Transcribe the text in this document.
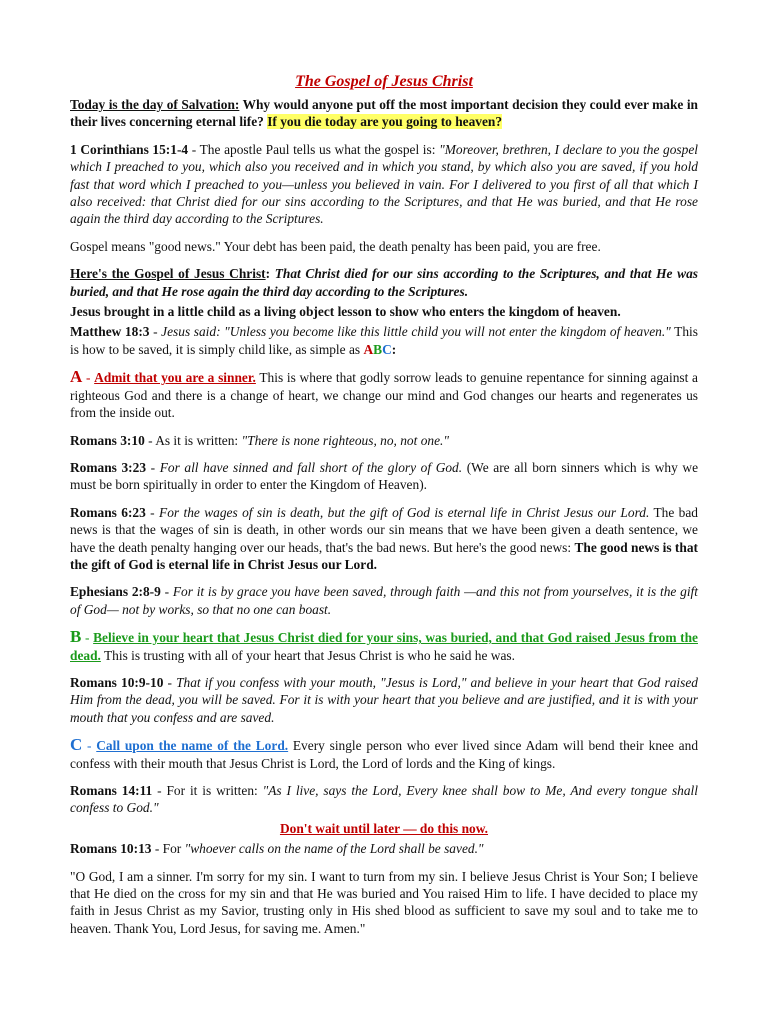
The Gospel of Jesus Christ

Today is the day of Salvation: Why would anyone put off the most important decision they could ever make in their lives concerning eternal life? If you die today are you going to heaven?

1 Corinthians 15:1-4 - The apostle Paul tells us what the gospel is: "Moreover, brethren, I declare to you the gospel which I preached to you, which also you received and in which you stand, by which also you are saved, if you hold fast that word which I preached to you—unless you believed in vain. For I delivered to you first of all that which I also received: that Christ died for our sins according to the Scriptures, and that He was buried, and that He rose again the third day according to the Scriptures.

Gospel means "good news." Your debt has been paid, the death penalty has been paid, you are free.

Here's the Gospel of Jesus Christ: That Christ died for our sins according to the Scriptures, and that He was buried, and that He rose again the third day according to the Scriptures.

Jesus brought in a little child as a living object lesson to show who enters the kingdom of heaven.

Matthew 18:3 - Jesus said: "Unless you become like this little child you will not enter the kingdom of heaven." This is how to be saved, it is simply child like, as simple as ABC:

A - Admit that you are a sinner. This is where that godly sorrow leads to genuine repentance for sinning against a righteous God and there is a change of heart, we change our mind and God changes our hearts and regenerates us from the inside out.

Romans 3:10 - As it is written: "There is none righteous, no, not one."

Romans 3:23 - For all have sinned and fall short of the glory of God. (We are all born sinners which is why we must be born spiritually in order to enter the Kingdom of Heaven).

Romans 6:23 - For the wages of sin is death, but the gift of God is eternal life in Christ Jesus our Lord. The bad news is that the wages of sin is death, in other words our sin means that we have been given a death sentence, we have the death penalty hanging over our heads, that's the bad news. But here's the good news: The good news is that the gift of God is eternal life in Christ Jesus our Lord.

Ephesians 2:8-9 - For it is by grace you have been saved, through faith —and this not from yourselves, it is the gift of God— not by works, so that no one can boast.

B - Believe in your heart that Jesus Christ died for your sins, was buried, and that God raised Jesus from the dead. This is trusting with all of your heart that Jesus Christ is who he said he was.

Romans 10:9-10 - That if you confess with your mouth, "Jesus is Lord," and believe in your heart that God raised Him from the dead, you will be saved. For it is with your heart that you believe and are justified, and it is with your mouth that you confess and are saved.

C - Call upon the name of the Lord. Every single person who ever lived since Adam will bend their knee and confess with their mouth that Jesus Christ is Lord, the Lord of lords and the King of kings.

Romans 14:11 - For it is written: "As I live, says the Lord, Every knee shall bow to Me, And every tongue shall confess to God."

Don't wait until later — do this now.

Romans 10:13 - For "whoever calls on the name of the Lord shall be saved."

"O God, I am a sinner. I'm sorry for my sin. I want to turn from my sin. I believe Jesus Christ is Your Son; I believe that He died on the cross for my sin and that He was buried and You raised Him to life. I have decided to place my faith in Jesus Christ as my Savior, trusting only in His shed blood as sufficient to save my soul and to take me to heaven. Thank You, Lord Jesus, for saving me. Amen."
